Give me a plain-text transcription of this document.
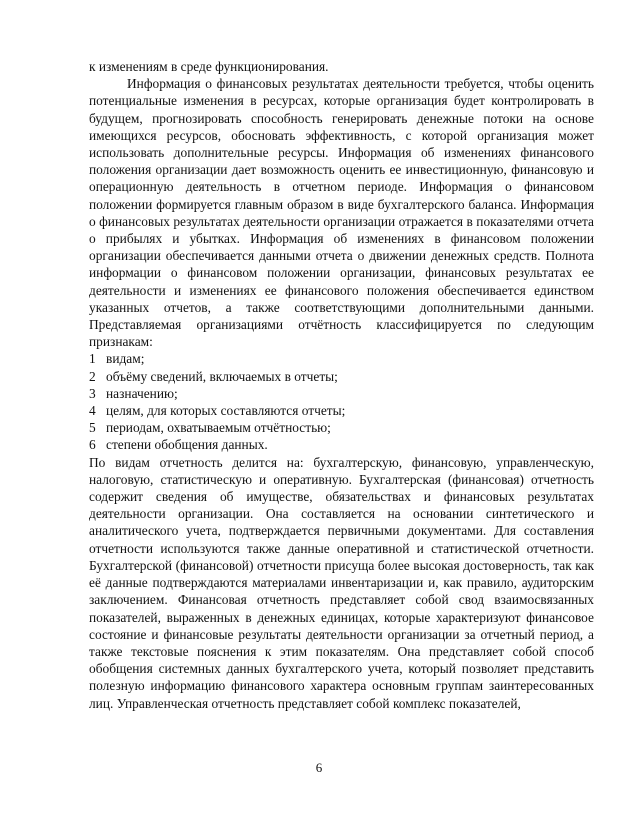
к изменениям в среде функционирования.

Информация о финансовых результатах деятельности требуется, чтобы оценить потенциальные изменения в ресурсах, которые организация будет контролировать в будущем, прогнозировать способность генерировать денежные потоки на основе имеющихся ресурсов, обосновать эффективность, с которой организация может использовать дополнительные ресурсы. Информация об изменениях финансового положения организации дает возможность оценить ее инвестиционную, финансовую и операционную деятельность в отчетном периоде. Информация о финансовом положении формируется главным образом в виде бухгалтерского баланса. Информация о финансовых результатах деятельности организации отражается в показателями отчета о прибылях и убытках. Информация об изменениях в финансовом положении организации обеспечивается данными отчета о движении денежных средств. Полнота информации о финансовом положении организации, финансовых результатах ее деятельности и изменениях ее финансового положения обеспечивается единством указанных отчетов, а также соответствующими дополнительными данными. Представляемая организациями отчётность классифицируется по следующим признакам:

1 видам;
2 объёму сведений, включаемых в отчеты;
3 назначению;
4 целям, для которых составляются отчеты;
5 периодам, охватываемым отчётностью;
6 степени обобщения данных.

По видам отчетность делится на: бухгалтерскую, финансовую, управленческую, налоговую, статистическую и оперативную. Бухгалтерская (финансовая) отчетность содержит сведения об имуществе, обязательствах и финансовых результатах деятельности организации. Она составляется на основании синтетического и аналитического учета, подтверждается первичными документами. Для составления отчетности используются также данные оперативной и статистической отчетности. Бухгалтерской (финансовой) отчетности присуща более высокая достоверность, так как её данные подтверждаются материалами инвентаризации и, как правило, аудиторским заключением. Финансовая отчетность представляет собой свод взаимосвязанных показателей, выраженных в денежных единицах, которые характеризуют финансовое состояние и финансовые результаты деятельности организации за отчетный период, а также текстовые пояснения к этим показателям. Она представляет собой способ обобщения системных данных бухгалтерского учета, который позволяет представить полезную информацию финансового характера основным группам заинтересованных лиц. Управленческая отчетность представляет собой комплекс показателей,

6
